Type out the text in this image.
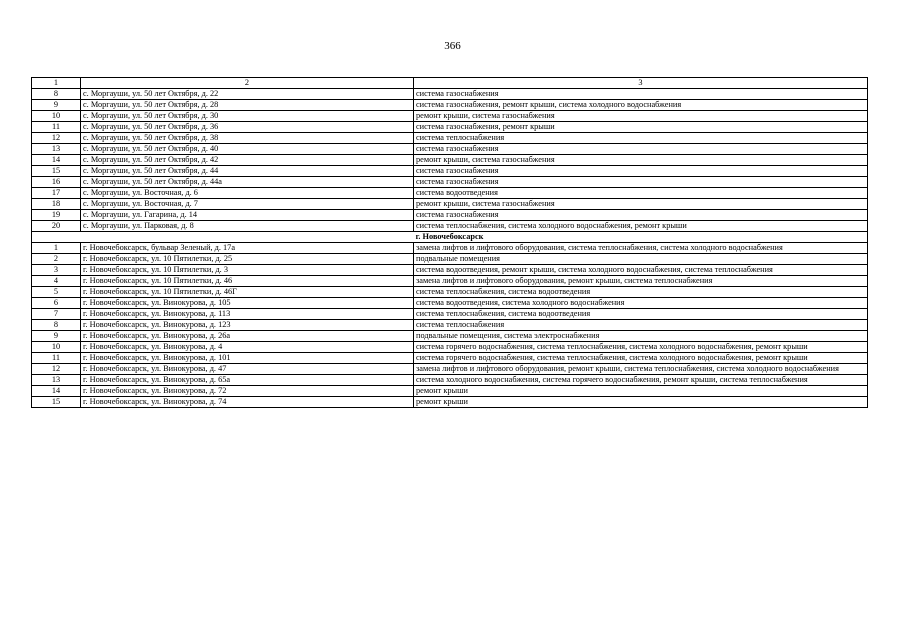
366
1	2	3
8	с. Моргауши, ул. 50 лет Октября, д. 22	система газоснабжения
9	с. Моргауши, ул. 50 лет Октября, д. 28	система газоснабжения, ремонт крыши, система холодного водоснабжения
10	с. Моргауши, ул. 50 лет Октября, д. 30	ремонт крыши, система газоснабжения
11	с. Моргауши, ул. 50 лет Октября, д. 36	система газоснабжения, ремонт крыши
12	с. Моргауши, ул. 50 лет Октября, д. 38	система теплоснабжения
13	с. Моргауши, ул. 50 лет Октября, д. 40	система газоснабжения
14	с. Моргауши, ул. 50 лет Октября, д. 42	ремонт крыши, система газоснабжения
15	с. Моргауши, ул. 50 лет Октября, д. 44	система газоснабжения
16	с. Моргауши, ул. 50 лет Октября, д. 44а	система газоснабжения
17	с. Моргауши, ул. Восточная, д. 6	система водоотведения
18	с. Моргауши, ул. Восточная, д. 7	ремонт крыши, система газоснабжения
19	с. Моргауши, ул. Гагарина, д. 14	система газоснабжения
20	с. Моргауши, ул. Парковая, д. 8	система теплоснабжения, система холодного водоснабжения, ремонт крыши
г. Новочебоксарск		
1	г. Новочебоксарск, бульвар Зеленый, д. 17а	замена лифтов и лифтового оборудования, система теплоснабжения, система холодного водоснабжения
2	г. Новочебоксарск, ул. 10 Пятилетки, д. 25	подвальные помещения
3	г. Новочебоксарск, ул. 10 Пятилетки, д. 3	система водоотведения, ремонт крыши, система холодного водоснабжения, система теплоснабжения
4	г. Новочебоксарск, ул. 10 Пятилетки, д. 46	замена лифтов и лифтового оборудования, ремонт крыши, система теплоснабжения
5	г. Новочебоксарск, ул. 10 Пятилетки, д. 46Г	система теплоснабжения, система водоотведения
6	г. Новочебоксарск, ул. Винокурова, д. 105	система водоотведения, система холодного водоснабжения
7	г. Новочебоксарск, ул. Винокурова, д. 113	система теплоснабжения, система водоотведения
8	г. Новочебоксарск, ул. Винокурова, д. 123	система теплоснабжения
9	г. Новочебоксарск, ул. Винокурова, д. 26а	подвальные помещения, система электроснабжения
10	г. Новочебоксарск, ул. Винокурова, д. 4	система горячего водоснабжения, система теплоснабжения, система холодного водоснабжения, ремонт крыши
11	г. Новочебоксарск, ул. Винокурова, д. 101	система горячего водоснабжения, система теплоснабжения, система холодного водоснабжения, ремонт крыши
12	г. Новочебоксарск, ул. Винокурова, д. 47	замена лифтов и лифтового оборудования, ремонт крыши, система теплоснабжения, система холодного водоснабжения
13	г. Новочебоксарск, ул. Винокурова, д. 65а	система холодного водоснабжения, система горячего водоснабжения, ремонт крыши, система теплоснабжения
14	г. Новочебоксарск, ул. Винокурова, д. 72	ремонт крыши
15	г. Новочебоксарск, ул. Винокурова, д. 74	ремонт крыши
